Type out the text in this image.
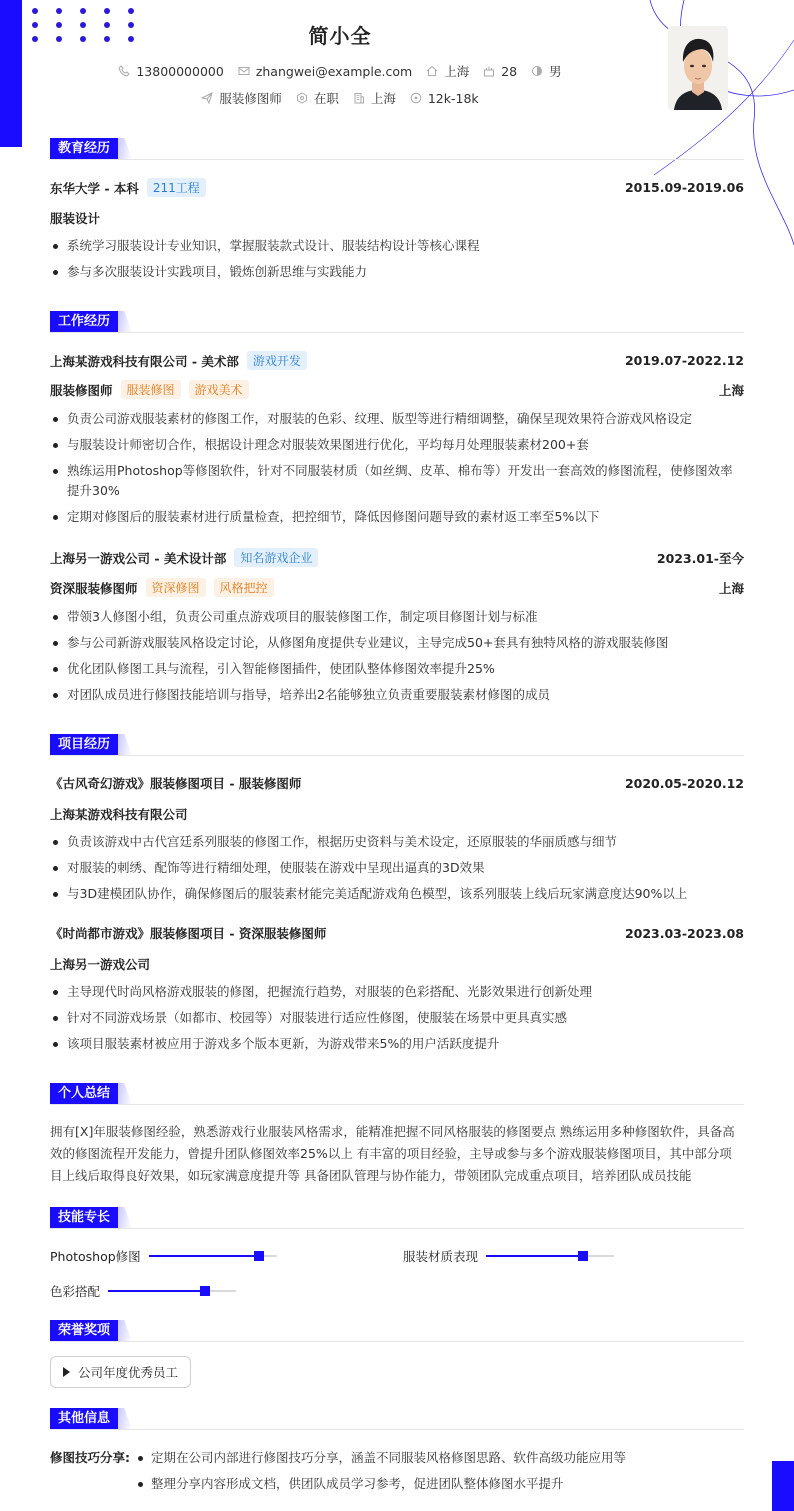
简小全
13800000000	zhangwei@example.com	上海	28	男
服装修图师	在职	上海	12k-18k
教育经历
东华大学 - 本科	211工程	2015.09-2019.06
服装设计
系统学习服装设计专业知识，掌握服装款式设计、服装结构设计等核心课程
参与多次服装设计实践项目，锻炼创新思维与实践能力
工作经历
上海某游戏科技有限公司 - 美术部	游戏开发	2019.07-2022.12
服装修图师	服装修图	游戏美术	上海
负责公司游戏服装素材的修图工作，对服装的色彩、纹理、版型等进行精细调整，确保呈现效果符合游戏风格设定
与服装设计师密切合作，根据设计理念对服装效果图进行优化，平均每月处理服装素材200+套
熟练运用Photoshop等修图软件，针对不同服装材质（如丝绸、皮革、棉布等）开发出一套高效的修图流程，使修图效率提升30%
定期对修图后的服装素材进行质量检查，把控细节，降低因修图问题导致的素材返工率至5%以下
上海另一游戏公司 - 美术设计部	知名游戏企业	2023.01-至今
资深服装修图师	资深修图	风格把控	上海
带领3人修图小组，负责公司重点游戏项目的服装修图工作，制定项目修图计划与标准
参与公司新游戏服装风格设定讨论，从修图角度提供专业建议，主导完成50+套具有独特风格的游戏服装修图
优化团队修图工具与流程，引入智能修图插件，使团队整体修图效率提升25%
对团队成员进行修图技能培训与指导，培养出2名能够独立负责重要服装素材修图的成员
项目经历
《古风奇幻游戏》服装修图项目 - 服装修图师	2020.05-2020.12
上海某游戏科技有限公司
负责该游戏中古代宫廷系列服装的修图工作，根据历史资料与美术设定，还原服装的华丽质感与细节
对服装的刺绣、配饰等进行精细处理，使服装在游戏中呈现出逼真的3D效果
与3D建模团队协作，确保修图后的服装素材能完美适配游戏角色模型，该系列服装上线后玩家满意度达90%以上
《时尚都市游戏》服装修图项目 - 资深服装修图师	2023.03-2023.08
上海另一游戏公司
主导现代时尚风格游戏服装的修图，把握流行趋势，对服装的色彩搭配、光影效果进行创新处理
针对不同游戏场景（如都市、校园等）对服装进行适应性修图，使服装在场景中更具真实感
该项目服装素材被应用于游戏多个版本更新，为游戏带来5%的用户活跃度提升
个人总结
拥有[X]年服装修图经验，熟悉游戏行业服装风格需求，能精准把握不同风格服装的修图要点 熟练运用多种修图软件，具备高效的修图流程开发能力，曾提升团队修图效率25%以上 有丰富的项目经验，主导或参与多个游戏服装修图项目，其中部分项目上线后取得良好效果，如玩家满意度提升等 具备团队管理与协作能力，带领团队完成重点项目，培养团队成员技能
技能专长
Photoshop修图	服装材质表现
色彩搭配
荣誉奖项
公司年度优秀员工
其他信息
修图技巧分享:	定期在公司内部进行修图技巧分享，涵盖不同服装风格修图思路、软件高级功能应用等
整理分享内容形成文档，供团队成员学习参考，促进团队整体修图水平提升
